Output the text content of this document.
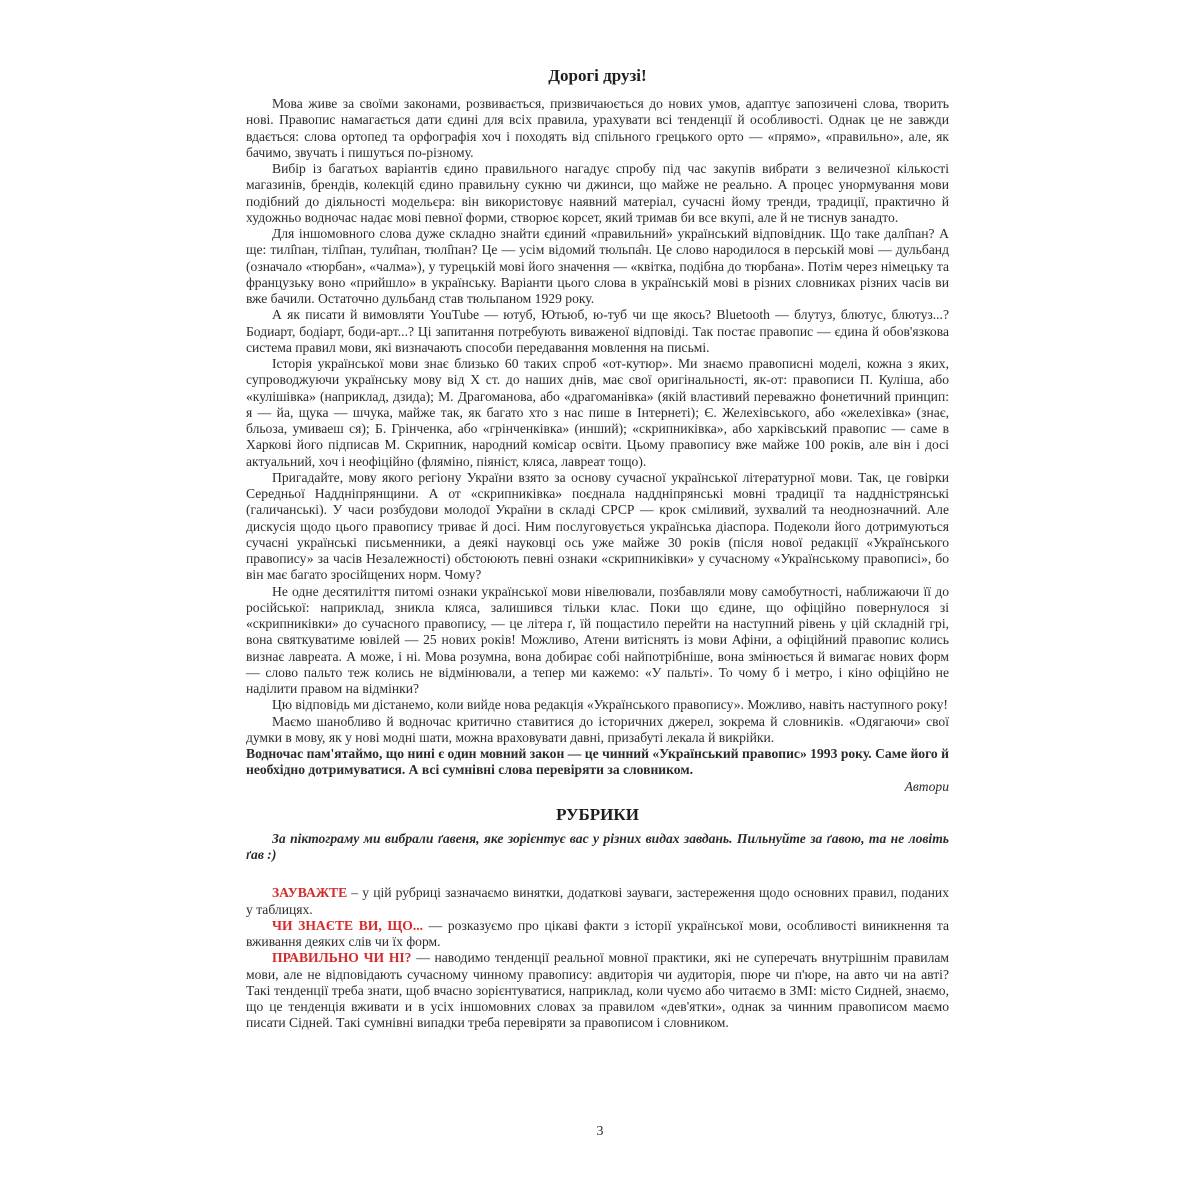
Дорогі друзі!

Мова живе за своїми законами, розвивається, призвичаюється до нових умов, адаптує запозичені слова, творить нові. Правопис намагається дати єдині для всіх правила, урахувати всі тенденції й особливості. Однак це не завжди вдається: слова ортопед та орфографія хоч і походять від спільного грецького орто — «прямо», «правильно», але, як бачимо, звучать і пишуться по-різному.

Вибір із багатьох варіантів єдино правильного нагадує спробу під час закупів вибрати з величезної кількості магазинів, брендів, колекцій єдино правильну сукню чи джинси, що майже не реально. А процес унормування мови подібний до діяльності модельєра: він використовує наявний матеріал, сучасні йому тренди, традиції, практично й художньо водночас надає мові певної форми, створює корсет, який тримав би все вкупі, але й не тиснув занадто.

Для іншомовного слова дуже складно знайти єдиний «правильний» український відповідник. Що таке далі̑пан? А ще: тилі̑пан, тілі̑пан, тули̑пан, тюлі̑пан? Це — усім відомий тюльпа̑н. Це слово народилося в перській мові — дульбанд (означало «тюрбан», «чалма»), у турецькій мові його значення — «квітка, подібна до тюрбана». Потім через німецьку та французьку воно «прийшло» в українську. Варіанти цього слова в українській мові в різних словниках різних часів ви вже бачили. Остаточно дульбанд став тюльпаном 1929 року.

А як писати й вимовляти YouTube — ютуб, Ютьюб, ю-туб чи ще якось? Bluetooth — блутуз, блютус, блютуз...? Бодиарт, бодіарт, боди-арт...? Ці запитання потребують виваженої відповіді. Так постає правопис — єдина й обов'язкова система правил мови, які визначають способи передавання мовлення на письмі.

Історія української мови знає близько 60 таких спроб «от-кутюр». Ми знаємо правописні моделі, кожна з яких, супроводжуючи українську мову від X ст. до наших днів, має свої оригінальності, як-от: правописи П. Куліша, або «кулішівка» (наприклад, дзида); М. Драгоманова, або «драгоманівка» (якій властивий переважно фонетичний принцип: я — йа, щука — шчука, майже так, як багато хто з нас пише в Інтернеті); Є. Желехівського, або «желехівка» (знає, бльоза, умиваеш ся); Б. Грінченка, або «грінченківка» (инший); «скрипниківка», або харківський правопис — саме в Харкові його підписав М. Скрипник, народний комісар освіти. Цьому правопису вже майже 100 років, але він і досі актуальний, хоч і неофіційно (фляміно, піяніст, кляса, лавреат тощо).

Пригадайте, мову якого регіону України взято за основу сучасної української літературної мови. Так, це говірки Середньої Наддніпрянщини. А от «скрипниківка» поєднала наддніпрянські мовні традиції та наддністрянські (галичанські). У часи розбудови молодої України в складі СРСР — крок сміливий, зухвалий та неоднозначний. Але дискусія щодо цього правопису триває й досі. Ним послуговується українська діаспора. Подеколи його дотримуються сучасні українські письменники, а деякі науковці ось уже майже 30 років (після нової редакції «Українського правопису» за часів Незалежності) обстоюють певні ознаки «скрипниківки» у сучасному «Українському правописі», бо він має багато зросійщених норм. Чому?

Не одне десятиліття питомі ознаки української мови нівелювали, позбавляли мову самобутності, наближаючи її до російської: наприклад, зникла кляса, залишився тільки клас. Поки що єдине, що офіційно повернулося зі «скрипниківки» до сучасного правопису, — це літера ґ, їй пощастило перейти на наступний рівень у цій складній грі, вона святкуватиме ювілей — 25 нових років! Можливо, Атени витіснять із мови Афіни, а офіційний правопис колись визнає лавреата. А може, і ні. Мова розумна, вона добирає собі найпотрібніше, вона змінюється й вимагає нових форм — слово пальто теж колись не відмінювали, а тепер ми кажемо: «У пальті». То чому б і метро, і кіно офіційно не наділити правом на відмінки?

Цю відповідь ми дістанемо, коли вийде нова редакція «Українського правопису». Можливо, навіть наступного року!

Маємо шанобливо й водночас критично ставитися до історичних джерел, зокрема й словників. «Одягаючи» свої думки в мову, як у нові модні шати, можна враховувати давні, призабуті лекала й викрійки.

Водночас пам'ятаймо, що нині є один мовний закон — це чинний «Український правопис» 1993 року. Саме його й необхідно дотримуватися. А всі сумнівні слова перевіряти за словником.

Автори

РУБРИКИ

За піктограму ми вибрали ґавеня, яке зорієнтує вас у різних видах завдань. Пильнуйте за ґавою, та не ловіть ґав :)

ЗАУВАЖТЕ – у цій рубриці зазначаємо винятки, додаткові зауваги, застереження щодо основних правил, поданих у таблицях.

ЧИ ЗНАЄТЕ ВИ, ЩО... — розказуємо про цікаві факти з історії української мови, особливості виникнення та вживання деяких слів чи їх форм.

ПРАВИЛЬНО ЧИ НІ? — наводимо тенденції реальної мовної практики, які не суперечать внутрішнім правилам мови, але не відповідають сучасному чинному правопису: авдиторія чи аудиторія, пюре чи п'юре, на авто чи на авті? Такі тенденції треба знати, щоб вчасно зорієнтуватися, наприклад, коли чуємо або читаємо в ЗМІ: місто Сидней, знаємо, що це тенденція вживати и в усіх іншомовних словах за правилом «дев'ятки», однак за чинним правописом маємо писати Сідней. Такі сумнівні випадки треба перевіряти за правописом і словником.

3
